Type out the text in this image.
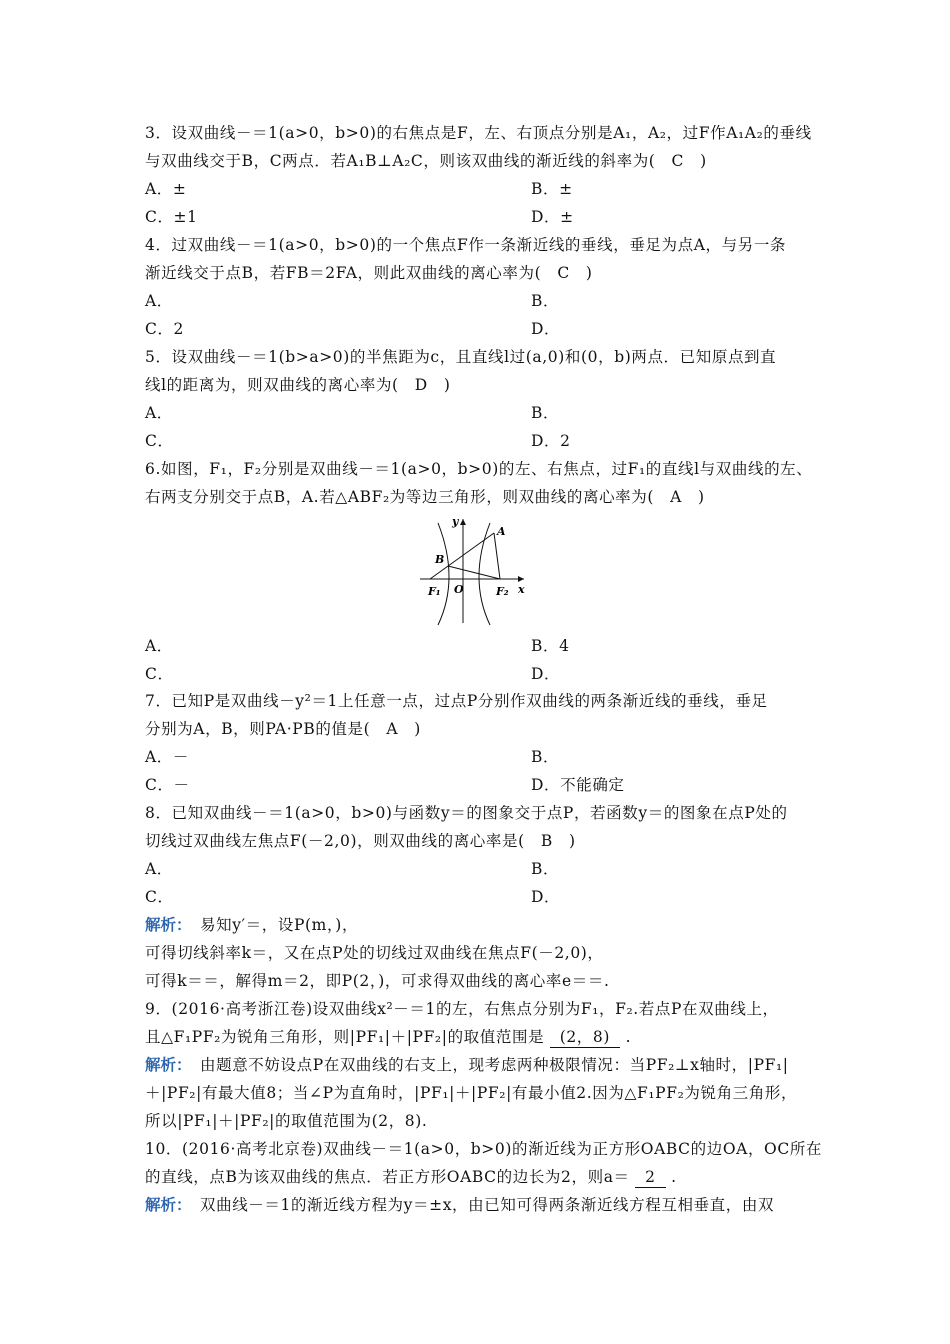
3．设双曲线－＝1(a>0，b>0)的右焦点是F，左、右顶点分别是A₁，A₂，过F作A₁A₂的垂线
与双曲线交于B，C两点．若A₁B⊥A₂C，则该双曲线的渐近线的斜率为(　C　)
A．±	B．±
C．±1	D．±
4．过双曲线－＝1(a>0，b>0)的一个焦点F作一条渐近线的垂线，垂足为点A，与另一条
渐近线交于点B，若FB＝2FA，则此双曲线的离心率为(　C　)
A．	B．
C．2	D．
5．设双曲线－＝1(b>a>0)的半焦距为c，且直线l过(a,0)和(0，b)两点．已知原点到直
线l的距离为，则双曲线的离心率为(　D　)
A．	B．
C．	D．2
6.如图，F₁，F₂分别是双曲线－＝1(a>0，b>0)的左、右焦点，过F₁的直线l与双曲线的左、
右两支分别交于点B，A.若△ABF₂为等边三角形，则双曲线的离心率为(　A　)
y
x
A
B
O
F₁	F₂
A．	B．4
C．	D．
7．已知P是双曲线－y²＝1上任意一点，过点P分别作双曲线的两条渐近线的垂线，垂足
分别为A，B，则PA·PB的值是(　A　)
A．－	B．
C．－	D．不能确定
8．已知双曲线－＝1(a>0，b>0)与函数y＝的图象交于点P，若函数y＝的图象在点P处的
切线过双曲线左焦点F(－2,0)，则双曲线的离心率是(　B　)
A．	B．
C．	D．
解析： 易知y′＝，设P(m，)，
可得切线斜率k＝，又在点P处的切线过双曲线在焦点F(－2,0)，
可得k＝＝，解得m＝2，即P(2，)，可求得双曲线的离心率e＝＝.
9．(2016·高考浙江卷)设双曲线x²－＝1的左，右焦点分别为F₁，F₂.若点P在双曲线上，
且△F₁PF₂为锐角三角形，则|PF₁|＋|PF₂|的取值范围是 (2，8) .
解析： 由题意不妨设点P在双曲线的右支上，现考虑两种极限情况：当PF₂⊥x轴时，|PF₁|
＋|PF₂|有最大值8；当∠P为直角时，|PF₁|＋|PF₂|有最小值2.因为△F₁PF₂为锐角三角形，
所以|PF₁|＋|PF₂|的取值范围为(2，8).
10．(2016·高考北京卷)双曲线－＝1(a>0，b>0)的渐近线为正方形OABC的边OA，OC所在
的直线，点B为该双曲线的焦点．若正方形OABC的边长为2，则a＝ 2 .
解析： 双曲线－＝1的渐近线方程为y＝±x，由已知可得两条渐近线方程互相垂直，由双
